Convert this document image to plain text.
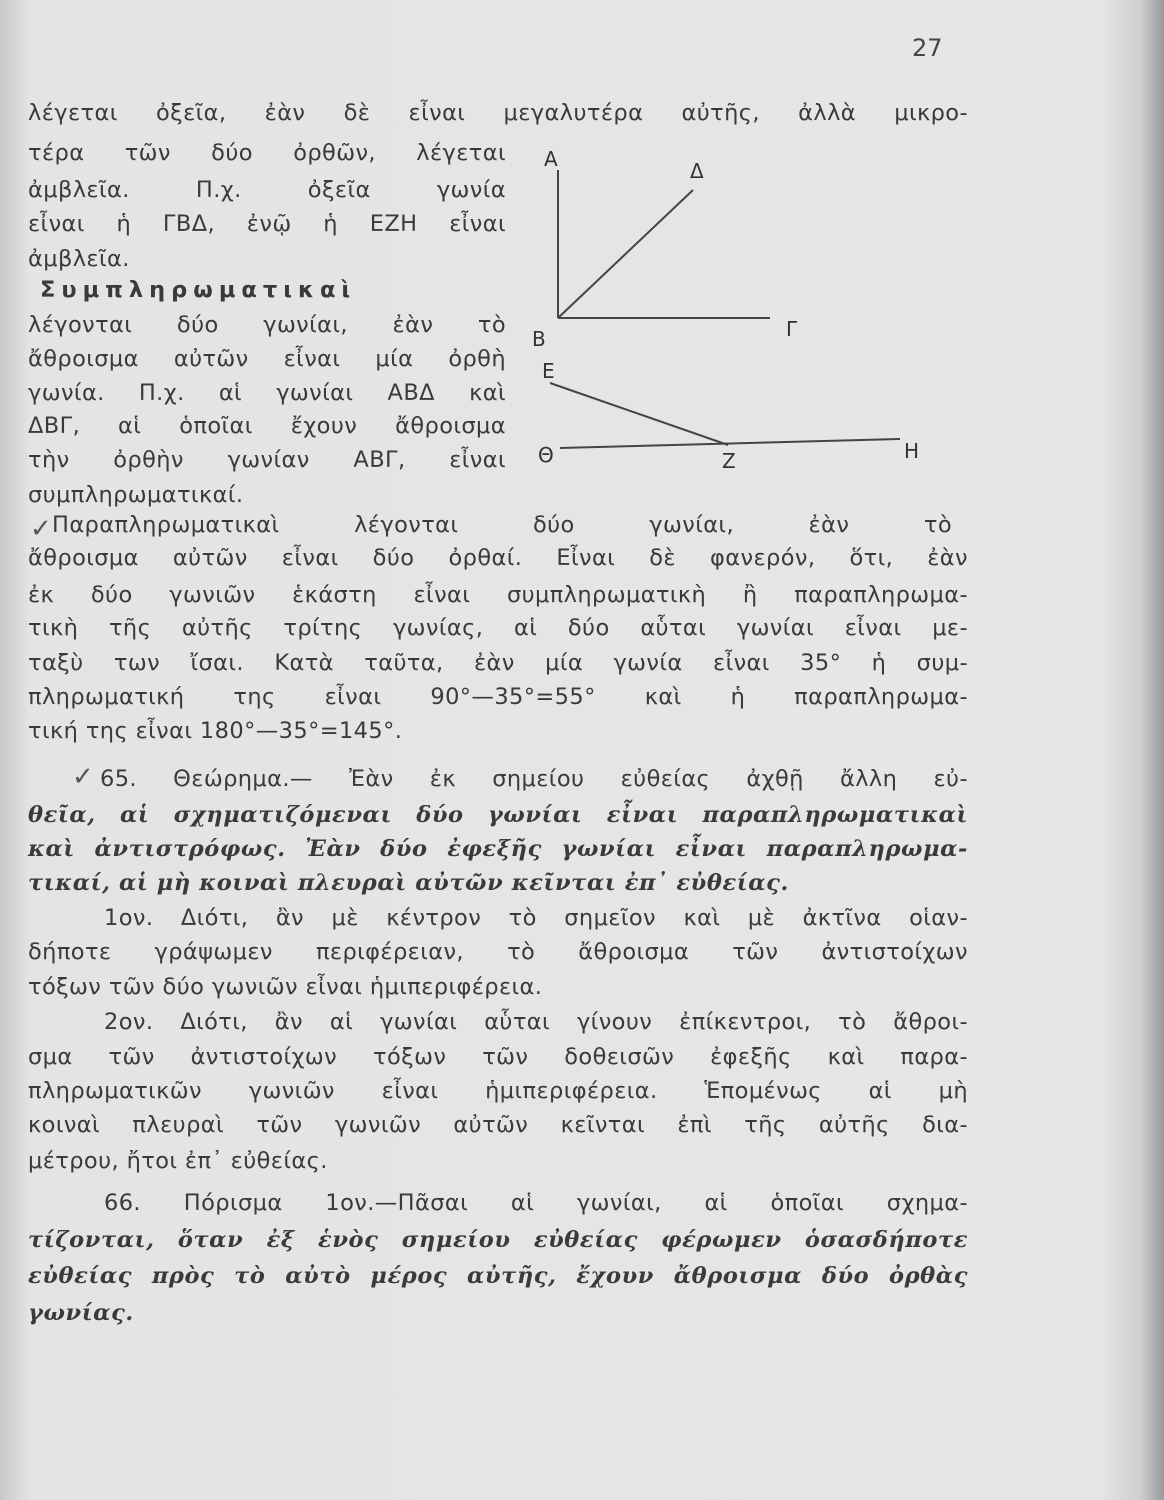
27
λέγεται ὀξεῖα, ἐὰν δὲ εἶναι μεγαλυτέρα αὐτῆς, ἀλλὰ μικρο-
τέρα τῶν δύο ὀρθῶν, λέγεται
ἀμβλεῖα. Π.χ. ὀξεῖα γωνία
εἶναι ἡ ΓΒΔ, ἐνῷ ἡ ΕΖΗ εἶναι
ἀμβλεῖα.
Συμπληρωματικαὶ
λέγονται δύο γωνίαι, ἐὰν τὸ
ἄθροισμα αὐτῶν εἶναι μία ὀρθὴ
γωνία. Π.χ. αἱ γωνίαι ΑΒΔ καὶ
ΔΒΓ, αἱ ὁποῖαι ἔχουν ἄθροισμα
τὴν ὀρθὴν γωνίαν ΑΒΓ, εἶναι
συμπληρωματικαί.
✓ Παραπληρωματικαὶ λέγονται δύο γωνίαι, ἐὰν τὸ
ἄθροισμα αὐτῶν εἶναι δύο ὀρθαί. Εἶναι δὲ φανερόν, ὅτι, ἐὰν
ἐκ δύο γωνιῶν ἑκάστη εἶναι συμπληρωματικὴ ἢ παραπληρωμα-
τικὴ τῆς αὐτῆς τρίτης γωνίας, αἱ δύο αὗται γωνίαι εἶναι με-
ταξὺ των ἴσαι. Κατὰ ταῦτα, ἐὰν μία γωνία εἶναι 35° ἡ συμ-
πληρωματική της εἶναι 90°—35°=55° καὶ ἡ παραπληρωμα-
τική της εἶναι 180°—35°=145°.
✓ 65. Θεώρημα.— Ἐὰν ἐκ σημείου εὐθείας ἀχθῇ ἄλλη εὐ-
θεῖα, αἱ σχηματιζόμεναι δύο γωνίαι εἶναι παραπληρωματικαὶ
καὶ ἀντιστρόφως. Ἐὰν δύο ἐφεξῆς γωνίαι εἶναι παραπληρωμα-
τικαί, αἱ μὴ κοιναὶ πλευραὶ αὐτῶν κεῖνται ἐπ᾿ εὐθείας.
1ον. Διότι, ἂν μὲ κέντρον τὸ σημεῖον καὶ μὲ ἀκτῖνα οἱαν-
δήποτε γράψωμεν περιφέρειαν, τὸ ἄθροισμα τῶν ἀντιστοίχων
τόξων τῶν δύο γωνιῶν εἶναι ἡμιπεριφέρεια.
2ον. Διότι, ἂν αἱ γωνίαι αὗται γίνουν ἐπίκεντροι, τὸ ἄθροι-
σμα τῶν ἀντιστοίχων τόξων τῶν δοθεισῶν ἐφεξῆς καὶ παρα-
πληρωματικῶν γωνιῶν εἶναι ἡμιπεριφέρεια. Ἑπομένως αἱ μὴ
κοιναὶ πλευραὶ τῶν γωνιῶν αὐτῶν κεῖνται ἐπὶ τῆς αὐτῆς δια-
μέτρου, ἤτοι ἐπ᾿ εὐθείας.
66. Πόρισμα 1ον.—Πᾶσαι αἱ γωνίαι, αἱ ὁποῖαι σχημα-
τίζονται, ὅταν ἐξ ἑνὸς σημείου εὐθείας φέρωμεν ὁσασδήποτε
εὐθείας πρὸς τὸ αὐτὸ μέρος αὐτῆς, ἔχουν ἄθροισμα δύο ὀρθὰς
γωνίας.
Α	Δ
Β	Γ
Ε
Θ	Ζ	Η
